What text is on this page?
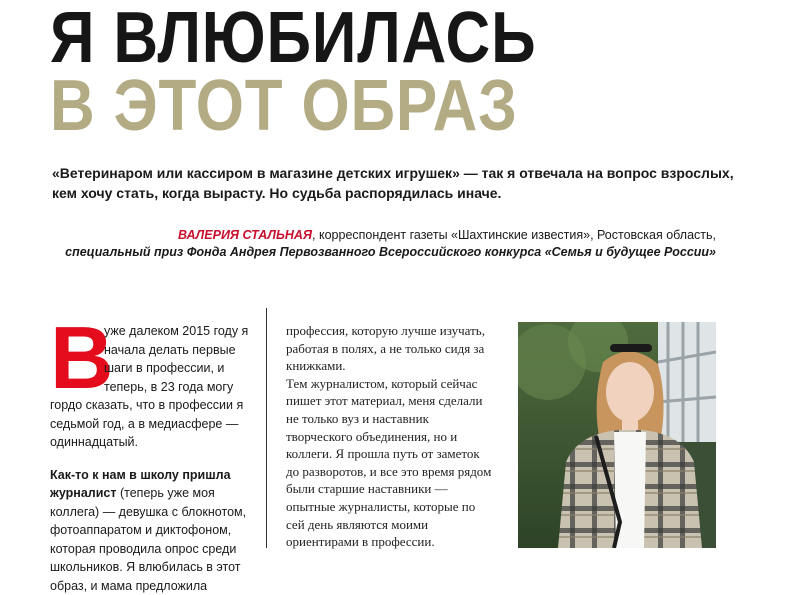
Я ВЛЮБИЛАСЬ
В ЭТОТ ОБРАЗ
«Ветеринаром или кассиром в магазине детских игрушек» — так я отвечала на вопрос взрослых, кем хочу стать, когда вырасту. Но судьба распорядилась иначе.
ВАЛЕРИЯ СТАЛЬНАЯ, корреспондент газеты «Шахтинские известия», Ростовская область,
специальный приз Фонда Андрея Первозванного Всероссийского конкурса «Семья и будущее России»
В

уже далеком 2015 году я начала делать первые шаги в профессии, и теперь, в 23 года могу гордо сказать, что в профессии я седьмой год, а в медиасфере — одиннадцатый.

Как-то к нам в школу пришла журналист (теперь уже моя коллега) — девушка с блокнотом, фотоаппаратом и диктофоном, которая проводила опрос среди школьников. Я влюбилась в этот образ, и мама предложила

профессия, которую лучше изучать, работая в полях, а не только сидя за книжками.

Тем журналистом, который сейчас пишет этот материал, меня сделали не только вуз и наставник творческого объединения, но и коллеги. Я прошла путь от заметок до разворотов, и все это время рядом были старшие наставники — опытные журналисты, которые по сей день являются моими ориентирами в профессии.
